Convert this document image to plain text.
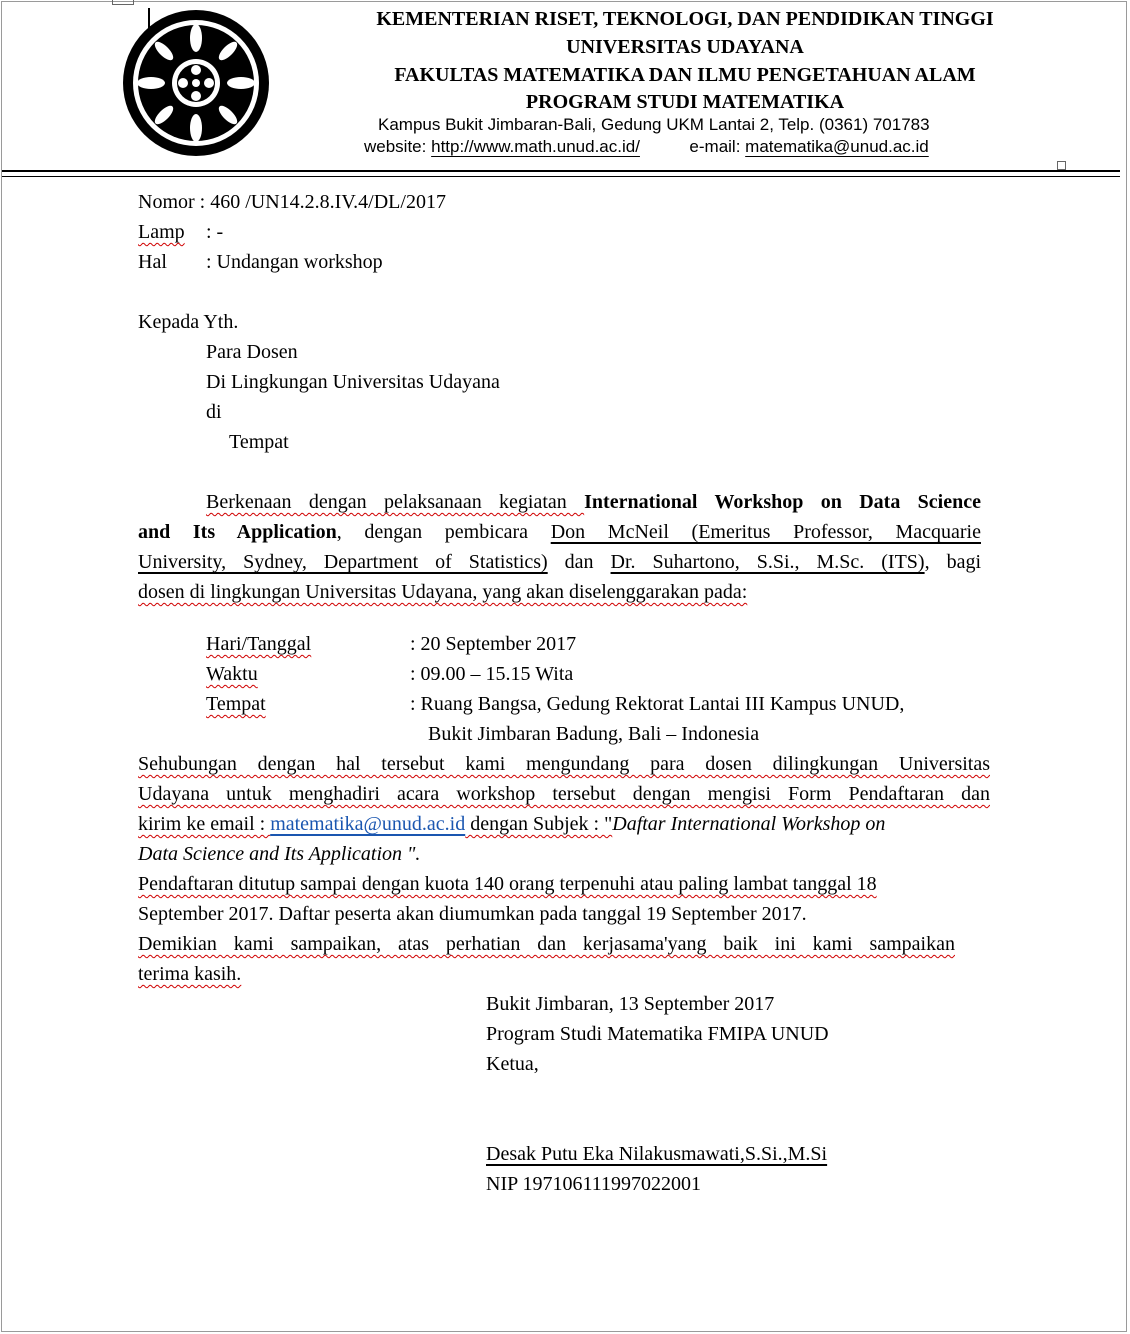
KEMENTERIAN RISET, TEKNOLOGI, DAN PENDIDIKAN TINGGI
UNIVERSITAS UDAYANA
FAKULTAS MATEMATIKA DAN ILMU PENGETAHUAN ALAM
PROGRAM STUDI MATEMATIKA
Kampus Bukit Jimbaran-Bali, Gedung UKM Lantai 2, Telp. (0361) 701783
website: http://www.math.unud.ac.id/	e-mail: matematika@unud.ac.id
Nomor : 460 /UN14.2.8.IV.4/DL/2017
Lamp : -
Hal : Undangan workshop
Kepada Yth.
Para Dosen
Di Lingkungan Universitas Udayana
di
Tempat
Berkenaan dengan pelaksanaan kegiatan International Workshop on Data Science
and Its Application, dengan pembicara Don McNeil (Emeritus Professor, Macquarie
University, Sydney, Department of Statistics) dan Dr. Suhartono, S.Si., M.Sc. (ITS), bagi
dosen di lingkungan Universitas Udayana, yang akan diselenggarakan pada:
Hari/Tanggal	: 20 September 2017
Waktu	: 09.00 – 15.15 Wita
Tempat	: Ruang Bangsa, Gedung Rektorat Lantai III Kampus UNUD,
Bukit Jimbaran Badung, Bali – Indonesia
Sehubungan dengan hal tersebut kami mengundang para dosen dilingkungan Universitas
Udayana untuk menghadiri acara workshop tersebut dengan mengisi Form Pendaftaran dan
kirim ke email : matematika@unud.ac.id dengan Subjek : "Daftar International Workshop on
Data Science and Its Application ".
Pendaftaran ditutup sampai dengan kuota 140 orang terpenuhi atau paling lambat tanggal 18
September 2017. Daftar peserta akan diumumkan pada tanggal 19 September 2017.
Demikian kami sampaikan, atas perhatian dan kerjasama'yang baik ini kami sampaikan
terima kasih.
Bukit Jimbaran, 13 September 2017
Program Studi Matematika FMIPA UNUD
Ketua,
Desak Putu Eka Nilakusmawati,S.Si.,M.Si
NIP 197106111997022001
